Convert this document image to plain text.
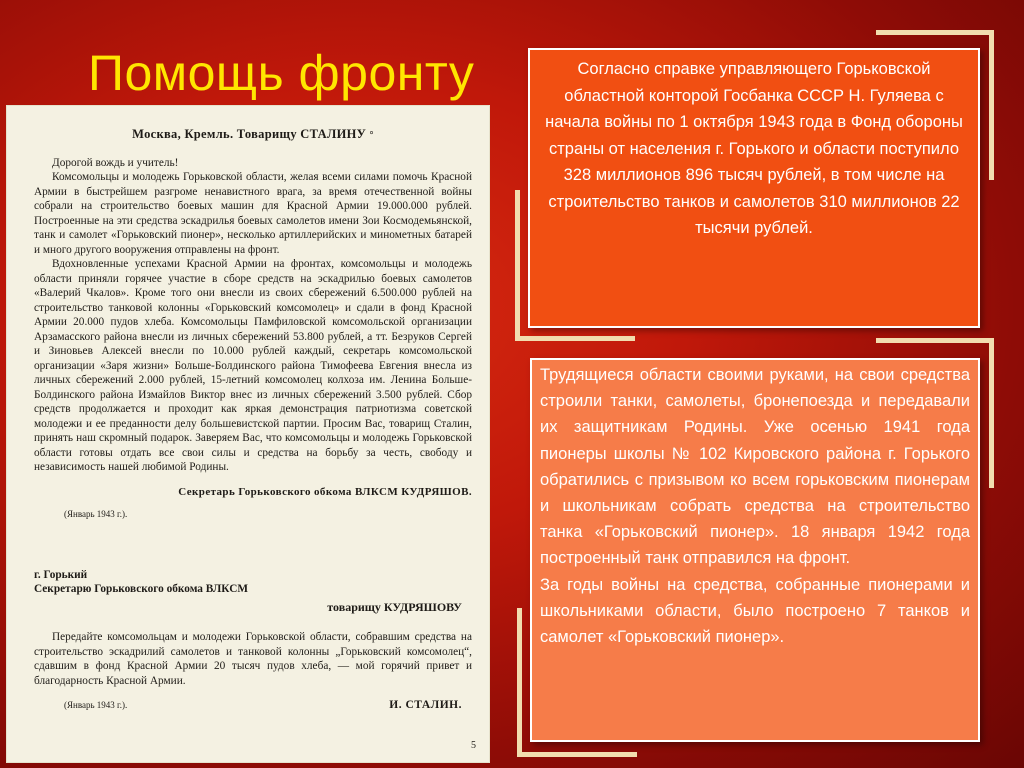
Помощь фронту
Москва, Кремль. Товарищу СТАЛИНУ °

Дорогой вождь и учитель!

Комсомольцы и молодежь Горьковской области, желая всеми силами помочь Красной Армии в быстрейшем разгроме ненавистного врага, за время отечественной войны собрали на строительство боевых машин для Красной Армии 19.000.000 рублей. Построенные на эти средства эскадрилья боевых самолетов имени Зои Космодемьянской, танк и самолет «Горьковский пионер», несколько артиллерийских и минометных батарей и много другого вооружения отправлены на фронт.

Вдохновленные успехами Красной Армии на фронтах, комсомольцы и молодежь области приняли горячее участие в сборе средств на эскадрилью боевых самолетов «Валерий Чкалов». Кроме того они внесли из своих сбережений 6.500.000 рублей на строительство танковой колонны «Горьковский комсомолец» и сдали в фонд Красной Армии 20.000 пудов хлеба. Комсомольцы Памфиловской комсомольской организации Арзамасского района внесли из личных сбережений 53.800 рублей, а тт. Безруков Сергей и Зиновьев Алексей внесли по 10.000 рублей каждый, секретарь комсомольской организации «Заря жизни» Больше-Болдинского района Тимофеева Евгения внесла из личных сбережений 2.000 рублей, 15-летний комсомолец колхоза им. Ленина Больше-Болдинского района Измайлов Виктор внес из личных сбережений 3.500 рублей. Сбор средств продолжается и проходит как яркая демонстрация патриотизма советской молодежи и ее преданности делу большевистской партии. Просим Вас, товарищ Сталин, принять наш скромный подарок. Заверяем Вас, что комсомольцы и молодежь Горьковской области готовы отдать все свои силы и средства на борьбу за честь, свободу и независимость нашей любимой Родины.

Секретарь Горьковского обкома ВЛКСМ КУДРЯШОВ.

(Январь 1943 г.).

г. Горький

Секретарю Горьковского обкома ВЛКСМ

товарищу КУДРЯШОВУ

Передайте комсомольцам и молодежи Горьковской области, собравшим средства на строительство эскадрилий самолетов и танковой колонны „Горьковский комсомолец“, сдавшим в фонд Красной Армии 20 тысяч пудов хлеба, — мой горячий привет и благодарность Красной Армии.

(Январь 1943 г.).	И. СТАЛИН.
5
Согласно справке управляющего Горьковской областной конторой Госбанка СССР Н. Гуляева с начала войны по 1 октября 1943 года в Фонд обороны страны от населения г. Горького и области поступило 328 миллионов 896 тысяч рублей, в том числе на строительство танков и самолетов 310 миллионов 22 тысячи рублей.

Трудящиеся области своими руками, на свои средства строили танки, самолеты, бронепоезда и передавали их защитникам Родины. Уже осенью 1941 года пионеры школы № 102 Кировского района г. Горького обратились с призывом ко всем горьковским пионерам и школьникам собрать средства на строительство танка «Горьковский пионер». 18 января 1942 года построенный танк отправился на фронт.

За годы войны на средства, собранные пионерами и школьниками области, было построено 7 танков и самолет «Горьковский пионер».
